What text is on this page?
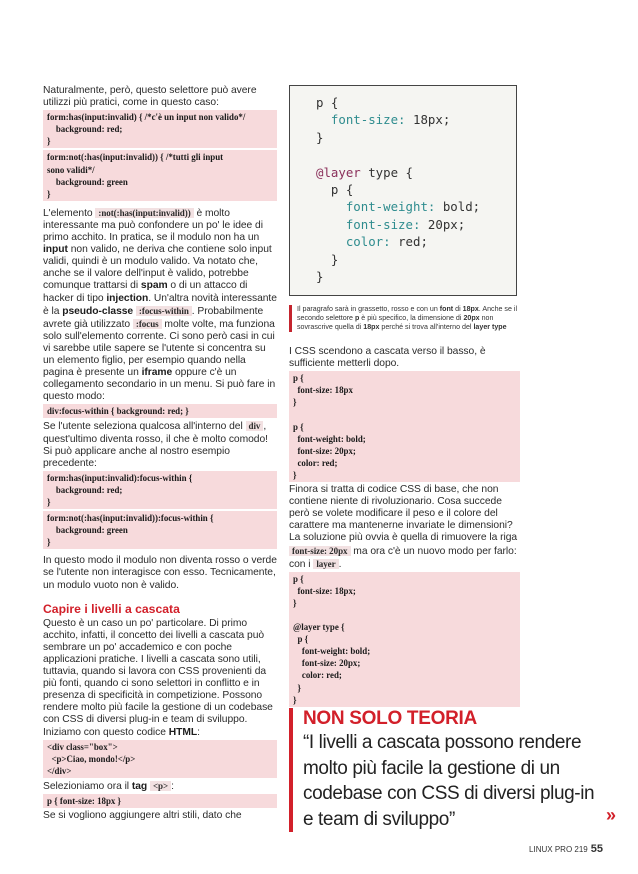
Naturalmente, però, questo selettore può avere utilizzi più pratici, come in questo caso:
form:has(input:invalid) { /*c'è un input non valido*/
background: red;
}
form:not(:has(input:invalid)) { /*tutti gli input
sono validi*/
background: green
}
L'elemento :not(:has(input:invalid)) è molto interessante ma può confondere un po' le idee di primo acchito. In pratica, se il modulo non ha un input non valido, ne deriva che contiene solo input validi, quindi è un modulo valido. Va notato che, anche se il valore dell'input è valido, potrebbe comunque trattarsi di spam o di un attacco di hacker di tipo injection. Un'altra novità interessante è la pseudo-classe :focus-within . Probabilmente avrete già utilizzato :focus molte volte, ma funziona solo sull'elemento corrente. Ci sono però casi in cui vi sarebbe utile sapere se l'utente si concentra su un elemento figlio, per esempio quando nella pagina è presente un iframe oppure c'è un collegamento secondario in un menu. Si può fare in questo modo:
div:focus-within { background: red; }
Se l'utente seleziona qualcosa all'interno del div , quest'ultimo diventa rosso, il che è molto comodo! Si può applicare anche al nostro esempio precedente:
form:has(input:invalid):focus-within {
background: red;
}
form:not(:has(input:invalid)):focus-within {
background: green
}
In questo modo il modulo non diventa rosso o verde se l'utente non interagisce con esso. Tecnicamente, un modulo vuoto non è valido.
Capire i livelli a cascata
Questo è un caso un po' particolare. Di primo acchito, infatti, il concetto dei livelli a cascata può sembrare un po' accademico e con poche applicazioni pratiche. I livelli a cascata sono utili, tuttavia, quando si lavora con CSS provenienti da più fonti, quando ci sono selettori in conflitto e in presenza di specificità in competizione. Possono rendere molto più facile la gestione di un codebase con CSS di diversi plug-in e team di sviluppo. Iniziamo con questo codice HTML:
<div class="box">
<p>Ciao, mondo!</p>
</div>
Selezioniamo ora il tag <p> :
p { font-size: 18px }
Se si vogliono aggiungere altri stili, dato che
p {
font-size: 18px;
}
@layer type {
p {
font-weight: bold;
font-size: 20px;
color: red;
}
}
Il paragrafo sarà in grassetto, rosso e con un font di 18px. Anche se il secondo selettore p è più specifico, la dimensione di 20px non sovrascrive quella di 18px perché si trova all'interno del layer type
I CSS scendono a cascata verso il basso, è sufficiente metterli dopo.
p {
font-size: 18px
}
p {
font-weight: bold;
font-size: 20px;
color: red;
}
Finora si tratta di codice CSS di base, che non contiene niente di rivoluzionario. Cosa succede però se volete modificare il peso e il colore del carattere ma mantenerne invariate le dimensioni? La soluzione più ovvia è quella di rimuovere la riga font-size: 20px ma ora c'è un nuovo modo per farlo: con i layer .
p {
font-size: 18px;
}
@layer type {
p {
font-weight: bold;
font-size: 20px;
color: red;
}
}
NON SOLO TEORIA
“I livelli a cascata possono rendere molto più facile la gestione di un codebase con CSS di diversi plug-in e team di sviluppo”	»
LINUX PRO 219 55
